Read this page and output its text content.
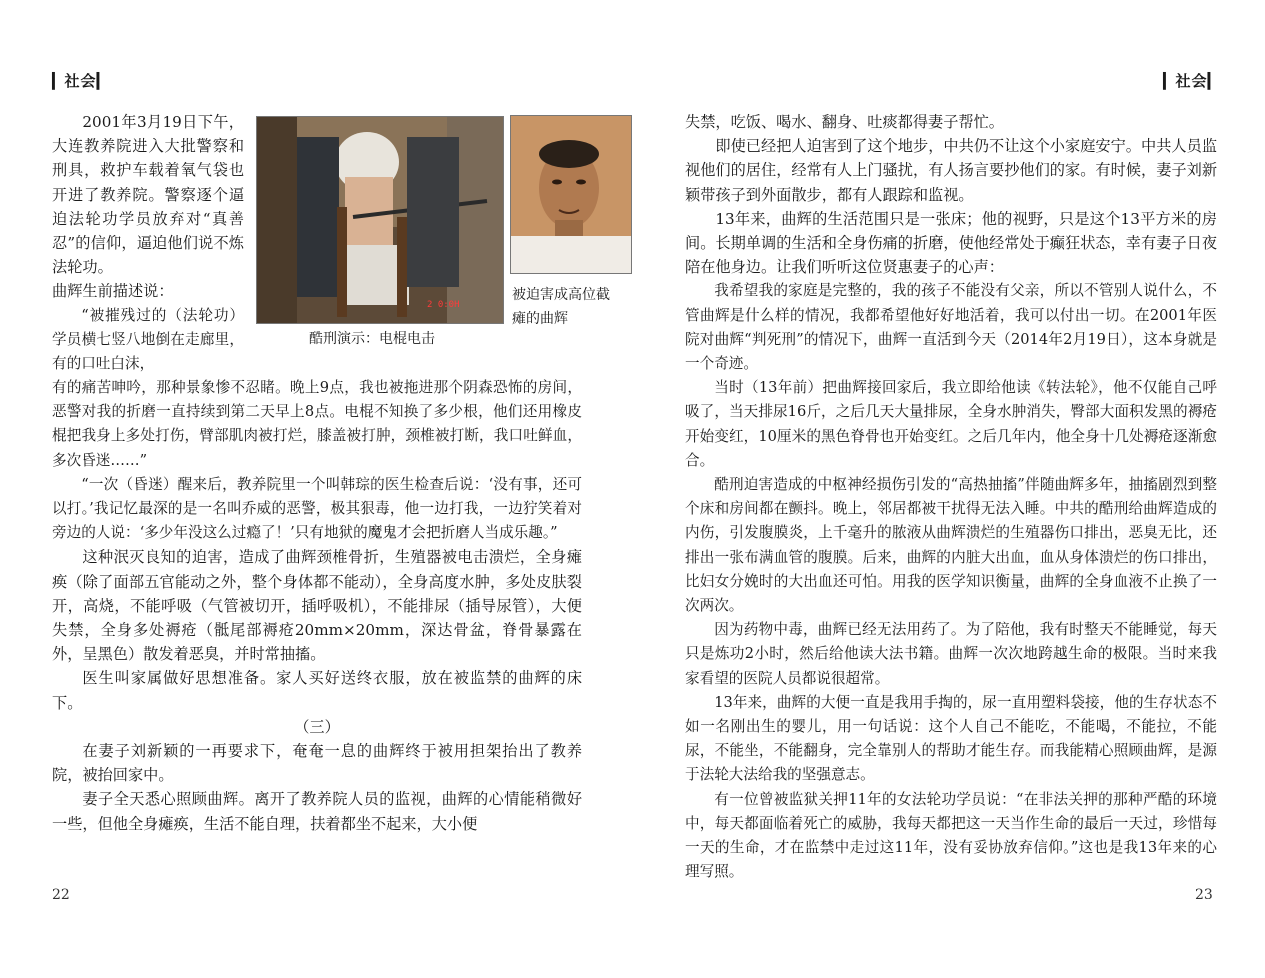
▎社会▎

2001年3月19日下午，大连教养院进入大批警察和刑具，救护车载着氧气袋也开进了教养院。警察逐个逼迫法轮功学员放弃对“真善忍”的信仰，逼迫他们说不炼法轮功。

曲辉生前描述说：

“被摧残过的（法轮功）学员横七竖八地倒在走廊里，有的口吐白沫，

2 0:0H
酷刑演示：电棍电击
被迫害成高位截瘫的曲辉

有的痛苦呻吟，那种景象惨不忍睹。晚上9点，我也被拖进那个阴森恐怖的房间，恶警对我的折磨一直持续到第二天早上8点。电棍不知换了多少根，他们还用橡皮棍把我身上多处打伤，臂部肌肉被打烂，膝盖被打肿，颈椎被打断，我口吐鲜血，多次昏迷……”

“一次（昏迷）醒来后，教养院里一个叫韩琮的医生检查后说：‘没有事，还可以打。’我记忆最深的是一名叫乔威的恶警，极其狠毒，他一边打我，一边狞笑着对旁边的人说：‘多少年没这么过瘾了！’只有地狱的魔鬼才会把折磨人当成乐趣。”

这种泯灭良知的迫害，造成了曲辉颈椎骨折，生殖器被电击溃烂，全身瘫痪（除了面部五官能动之外，整个身体都不能动），全身高度水肿，多处皮肤裂开，高烧，不能呼吸（气管被切开，插呼吸机），不能排尿（插导尿管），大便失禁，全身多处褥疮（骶尾部褥疮20mm×20mm，深达骨盆，脊骨暴露在外，呈黑色）散发着恶臭，并时常抽搐。

医生叫家属做好思想准备。家人买好送终衣服，放在被监禁的曲辉的床下。

（三）

在妻子刘新颖的一再要求下，奄奄一息的曲辉终于被用担架抬出了教养院，被抬回家中。

妻子全天悉心照顾曲辉。离开了教养院人员的监视，曲辉的心情能稍微好一些，但他全身瘫痪，生活不能自理，扶着都坐不起来，大小便

22
▎社会▎

失禁，吃饭、喝水、翻身、吐痰都得妻子帮忙。

即使已经把人迫害到了这个地步，中共仍不让这个小家庭安宁。中共人员监视他们的居住，经常有人上门骚扰，有人扬言要抄他们的家。有时候，妻子刘新颖带孩子到外面散步，都有人跟踪和监视。

13年来，曲辉的生活范围只是一张床；他的视野，只是这个13平方米的房间。长期单调的生活和全身伤痛的折磨，使他经常处于癫狂状态，幸有妻子日夜陪在他身边。让我们听听这位贤惠妻子的心声：

我希望我的家庭是完整的，我的孩子不能没有父亲，所以不管别人说什么，不管曲辉是什么样的情况，我都希望他好好地活着，我可以付出一切。在2001年医院对曲辉“判死刑”的情况下，曲辉一直活到今天（2014年2月19日），这本身就是一个奇迹。

当时（13年前）把曲辉接回家后，我立即给他读《转法轮》，他不仅能自己呼吸了，当天排尿16斤，之后几天大量排尿，全身水肿消失，臀部大面积发黑的褥疮开始变红，10厘米的黑色脊骨也开始变红。之后几年内，他全身十几处褥疮逐渐愈合。

酷刑迫害造成的中枢神经损伤引发的“高热抽搐”伴随曲辉多年，抽搐剧烈到整个床和房间都在颤抖。晚上，邻居都被干扰得无法入睡。中共的酷刑给曲辉造成的内伤，引发腹膜炎，上千毫升的脓液从曲辉溃烂的生殖器伤口排出，恶臭无比，还排出一张布满血管的腹膜。后来，曲辉的内脏大出血，血从身体溃烂的伤口排出，比妇女分娩时的大出血还可怕。用我的医学知识衡量，曲辉的全身血液不止换了一次两次。

因为药物中毒，曲辉已经无法用药了。为了陪他，我有时整天不能睡觉，每天只是炼功2小时，然后给他读大法书籍。曲辉一次次地跨越生命的极限。当时来我家看望的医院人员都说很超常。

13年来，曲辉的大便一直是我用手掏的，尿一直用塑料袋接，他的生存状态不如一名刚出生的婴儿，用一句话说：这个人自己不能吃，不能喝，不能拉，不能尿，不能坐，不能翻身，完全靠别人的帮助才能生存。而我能精心照顾曲辉，是源于法轮大法给我的坚强意志。

有一位曾被监狱关押11年的女法轮功学员说：“在非法关押的那种严酷的环境中，每天都面临着死亡的威胁，我每天都把这一天当作生命的最后一天过，珍惜每一天的生命，才在监禁中走过这11年，没有妥协放弃信仰。”这也是我13年来的心理写照。

23
